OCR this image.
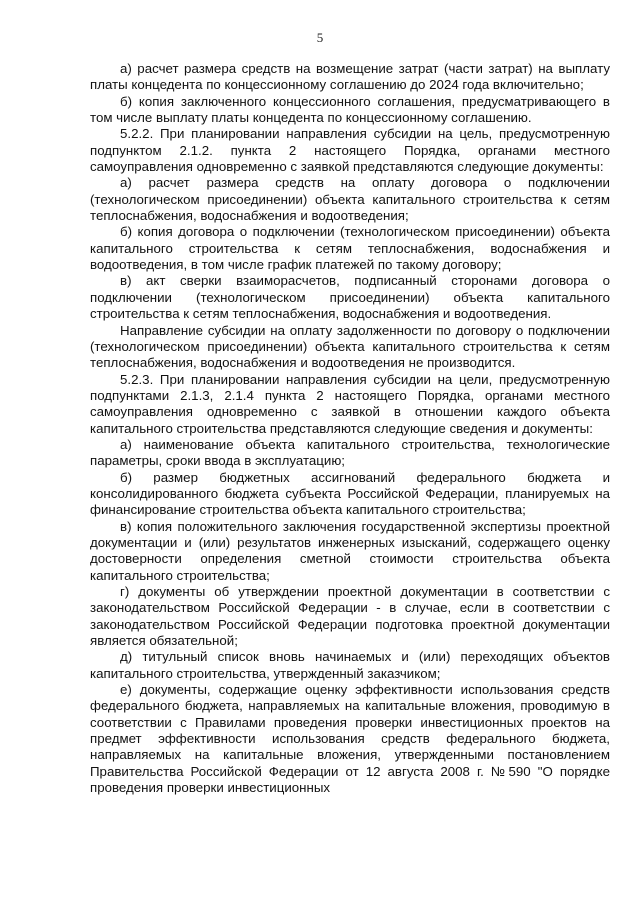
5

а) расчет размера средств на возмещение затрат (части затрат) на выплату платы концедента по концессионному соглашению до 2024 года включительно;

б) копия заключенного концессионного соглашения, предусматривающего в том числе выплату платы концедента по концессионному соглашению.

5.2.2. При планировании направления субсидии на цель, предусмотренную подпунктом 2.1.2. пункта 2 настоящего Порядка, органами местного самоуправления одновременно с заявкой представляются следующие документы:

а) расчет размера средств на оплату договора о подключении (технологическом присоединении) объекта капитального строительства к сетям теплоснабжения, водоснабжения и водоотведения;

б) копия договора о подключении (технологическом присоединении) объекта капитального строительства к сетям теплоснабжения, водоснабжения и водоотведения, в том числе график платежей по такому договору;

в) акт сверки взаиморасчетов, подписанный сторонами договора о подключении (технологическом присоединении) объекта капитального строительства к сетям теплоснабжения, водоснабжения и водоотведения.

Направление субсидии на оплату задолженности по договору о подключении (технологическом присоединении) объекта капитального строительства к сетям теплоснабжения, водоснабжения и водоотведения не производится.

5.2.3. При планировании направления субсидии на цели, предусмотренную подпунктами 2.1.3, 2.1.4 пункта 2 настоящего Порядка, органами местного самоуправления одновременно с заявкой в отношении каждого объекта капитального строительства представляются следующие сведения и документы:

а) наименование объекта капитального строительства, технологические параметры, сроки ввода в эксплуатацию;

б) размер бюджетных ассигнований федерального бюджета и консолидированного бюджета субъекта Российской Федерации, планируемых на финансирование строительства объекта капитального строительства;

в) копия положительного заключения государственной экспертизы проектной документации и (или) результатов инженерных изысканий, содержащего оценку достоверности определения сметной стоимости строительства объекта капитального строительства;

г) документы об утверждении проектной документации в соответствии с законодательством Российской Федерации - в случае, если в соответствии с законодательством Российской Федерации подготовка проектной документации является обязательной;

д) титульный список вновь начинаемых и (или) переходящих объектов капитального строительства, утвержденный заказчиком;

е) документы, содержащие оценку эффективности использования средств федерального бюджета, направляемых на капитальные вложения, проводимую в соответствии с Правилами проведения проверки инвестиционных проектов на предмет эффективности использования средств федерального бюджета, направляемых на капитальные вложения, утвержденными постановлением Правительства Российской Федерации от 12 августа 2008 г. №590 "О порядке проведения проверки инвестиционных
